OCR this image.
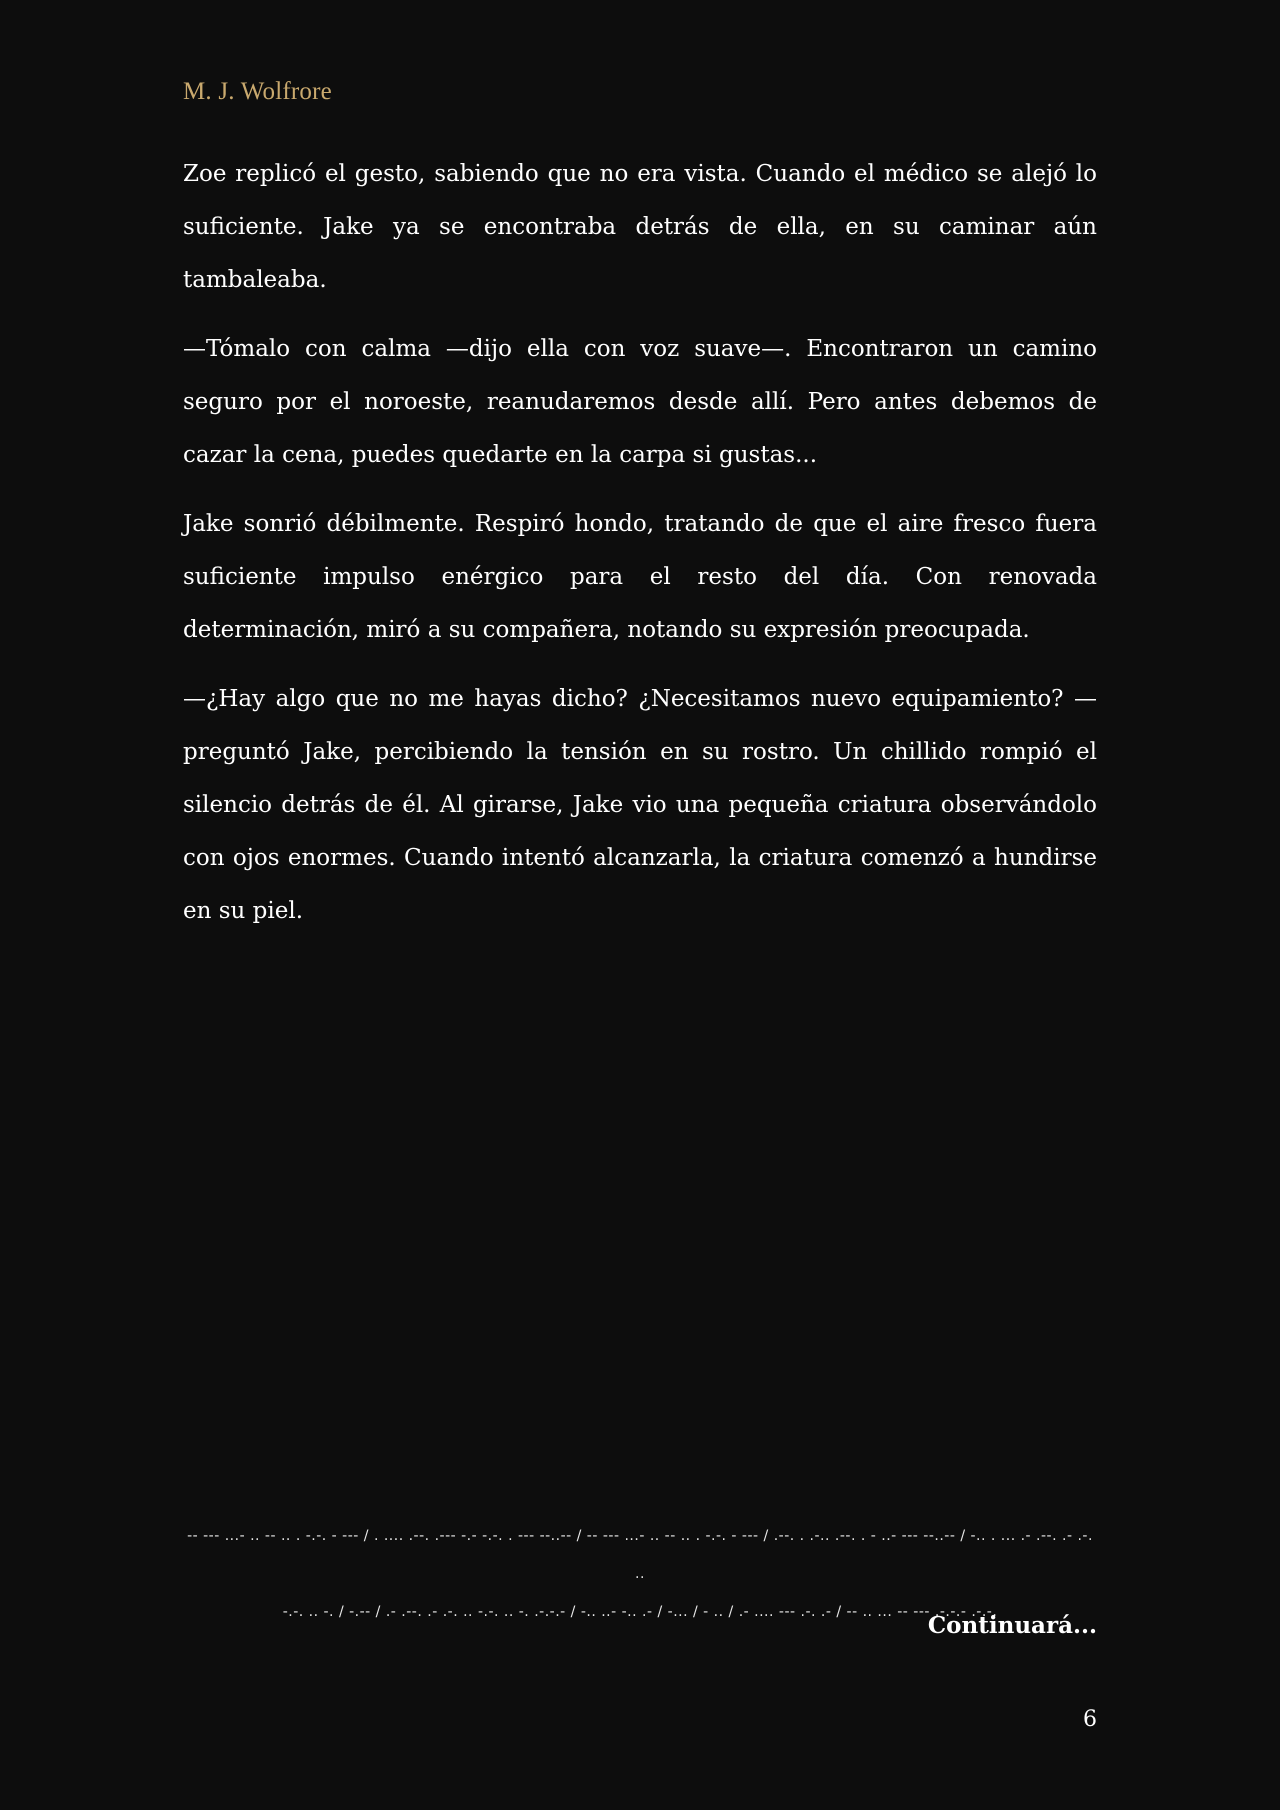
M. J. Wolfrore

Zoe replicó el gesto, sabiendo que no era vista. Cuando el médico se alejó lo suficiente. Jake ya se encontraba detrás de ella, en su caminar aún tambaleaba.

—Tómalo con calma —dijo ella con voz suave—. Encontraron un camino seguro por el noroeste, reanudaremos desde allí. Pero antes debemos de cazar la cena, puedes quedarte en la carpa si gustas...

Jake sonrió débilmente. Respiró hondo, tratando de que el aire fresco fuera suficiente impulso enérgico para el resto del día. Con renovada determinación, miró a su compañera, notando su expresión preocupada.

—¿Hay algo que no me hayas dicho? ¿Necesitamos nuevo equipamiento? —preguntó Jake, percibiendo la tensión en su rostro. Un chillido rompió el silencio detrás de él. Al girarse, Jake vio una pequeña criatura observándolo con ojos enormes. Cuando intentó alcanzarla, la criatura comenzó a hundirse en su piel.

-- --- ...- .. -- .. . -.-. - --- / . .... .--. .--- -.- -.-. . --- --..-- / -- --- ...- .. -- .. . -.-. - --- / .--. . .-.. .--. . - ..- --- --..-- / -.. . ... .- .--. .- .-. ..
-.-. .. -. / -.-- / .- .--. .- .-. .. -.-. .. -. .-.-.- / -.. ..- -.. .- / -... / - .. / .- .... --- .-. .- / -- .. ... -- --- .-.-.- .-.-.
Continuará...
6
